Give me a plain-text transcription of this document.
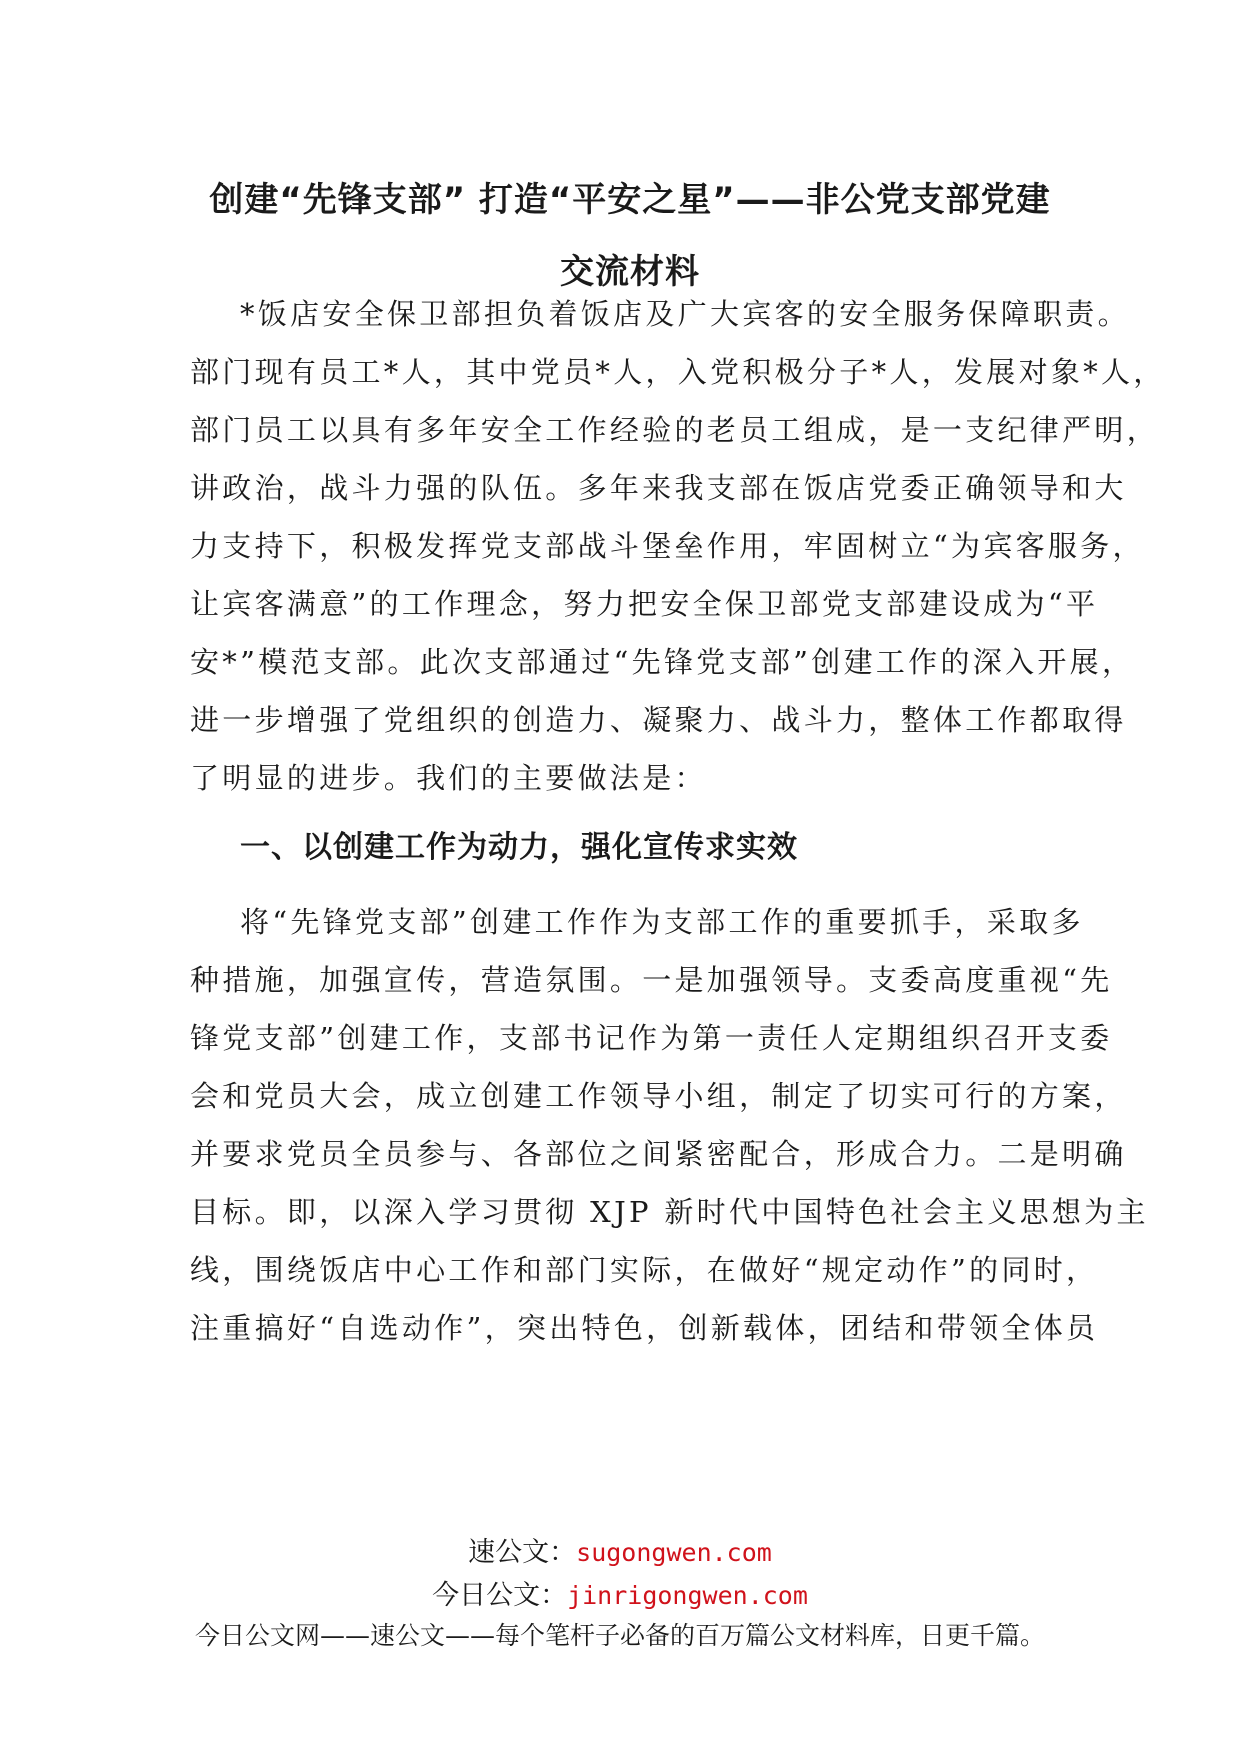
创建“先锋支部” 打造“平安之星”——非公党支部党建
交流材料
*饭店安全保卫部担负着饭店及广大宾客的安全服务保障职责。
部门现有员工*人，其中党员*人，入党积极分子*人，发展对象*人，
部门员工以具有多年安全工作经验的老员工组成，是一支纪律严明，
讲政治，战斗力强的队伍。多年来我支部在饭店党委正确领导和大
力支持下，积极发挥党支部战斗堡垒作用，牢固树立“为宾客服务，
让宾客满意”的工作理念，努力把安全保卫部党支部建设成为“平
安*”模范支部。此次支部通过“先锋党支部”创建工作的深入开展，
进一步增强了党组织的创造力、凝聚力、战斗力，整体工作都取得
了明显的进步。我们的主要做法是：
一、以创建工作为动力，强化宣传求实效
将“先锋党支部”创建工作作为支部工作的重要抓手，采取多
种措施，加强宣传，营造氛围。一是加强领导。支委高度重视“先
锋党支部”创建工作，支部书记作为第一责任人定期组织召开支委
会和党员大会，成立创建工作领导小组，制定了切实可行的方案，
并要求党员全员参与、各部位之间紧密配合，形成合力。二是明确
目标。即，以深入学习贯彻 XJP 新时代中国特色社会主义思想为主
线，围绕饭店中心工作和部门实际，在做好“规定动作”的同时，
注重搞好“自选动作”，突出特色，创新载体，团结和带领全体员
速公文：sugongwen.com
今日公文：jinrigongwen.com
今日公文网——速公文——每个笔杆子必备的百万篇公文材料库，日更千篇。
